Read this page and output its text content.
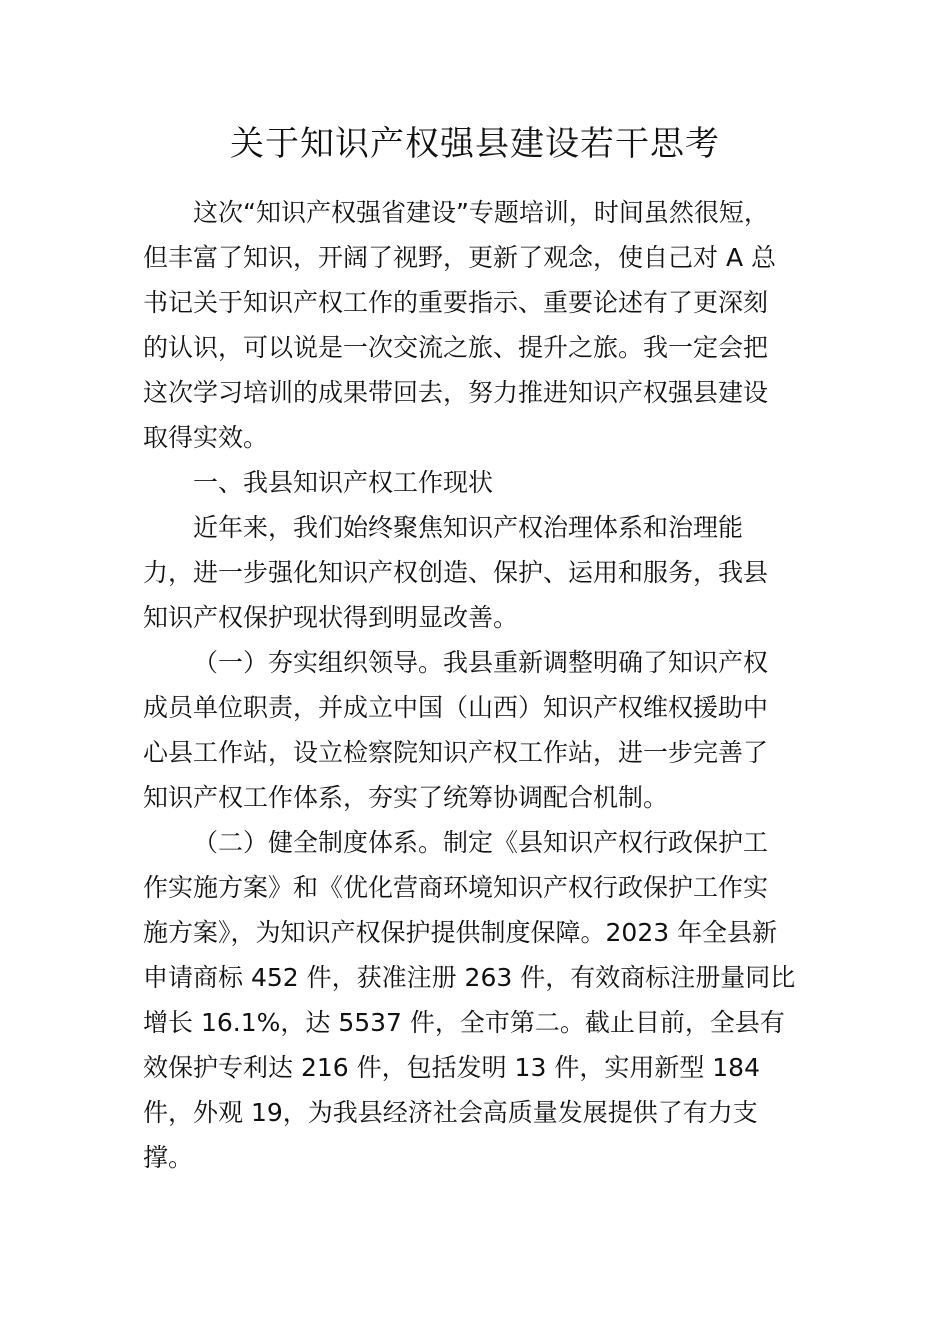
关于知识产权强县建设若干思考
这次“知识产权强省建设”专题培训，时间虽然很短，
但丰富了知识，开阔了视野，更新了观念，使自己对 A 总
书记关于知识产权工作的重要指示、重要论述有了更深刻
的认识，可以说是一次交流之旅、提升之旅。我一定会把
这次学习培训的成果带回去，努力推进知识产权强县建设
取得实效。
一、我县知识产权工作现状
近年来，我们始终聚焦知识产权治理体系和治理能
力，进一步强化知识产权创造、保护、运用和服务，我县
知识产权保护现状得到明显改善。
（一）夯实组织领导。我县重新调整明确了知识产权
成员单位职责，并成立中国（山西）知识产权维权援助中
心县工作站，设立检察院知识产权工作站，进一步完善了
知识产权工作体系，夯实了统筹协调配合机制。
（二）健全制度体系。制定《县知识产权行政保护工
作实施方案》和《优化营商环境知识产权行政保护工作实
施方案》，为知识产权保护提供制度保障。2023 年全县新
申请商标 452 件，获准注册 263 件，有效商标注册量同比
增长 16.1%，达 5537 件，全市第二。截止目前，全县有
效保护专利达 216 件，包括发明 13 件，实用新型 184
件，外观 19，为我县经济社会高质量发展提供了有力支
撑。
